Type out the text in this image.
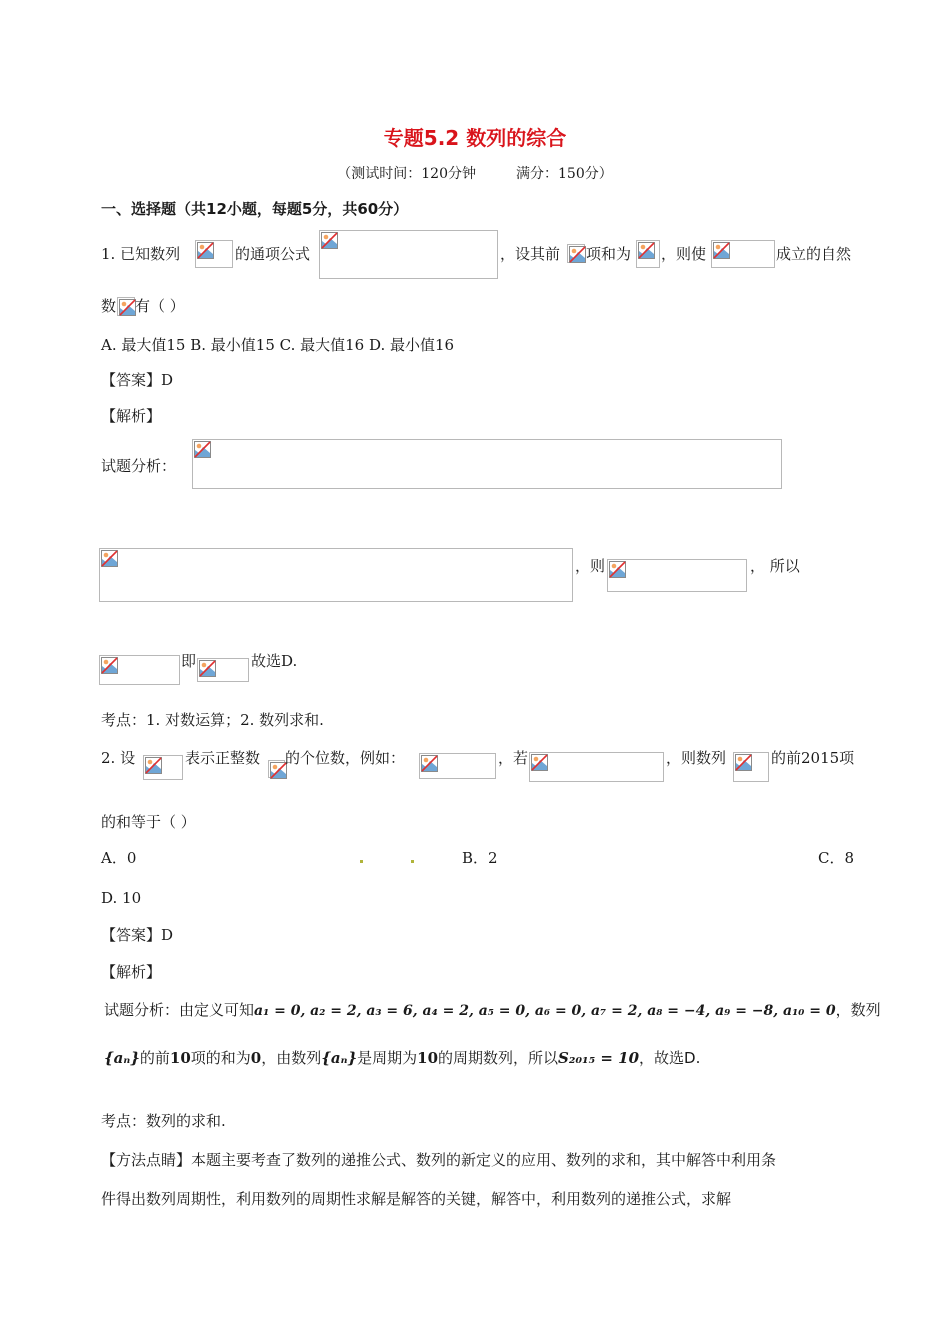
专题5.2 数列的综合
（测试时间：120分钟	满分：150分）
一、选择题（共12小题，每题5分，共60分）
1. 已知数列	的通项公式	，设其前 项和为 ，则使	成立的自然
数 有（ ）
A. 最大值15 B. 最小值15 C. 最大值16 D. 最小值16
【答案】D
【解析】
试题分析：
，则	， 所以
即	故选D.
考点：1. 对数运算；2. 数列求和.
2. 设	表示正整数 的个位数，例如：	，若	，则数列	的前2015项
的和等于（ ）
A．0	B．2	C．8
D. 10
【答案】D
【解析】
试题分析：由定义可知a₁ = 0, a₂ = 2, a₃ = 6, a₄ = 2, a₅ = 0, a₆ = 0, a₇ = 2, a₈ = −4, a₉ = −8, a₁₀ = 0，数列
{aₙ}的前10项的和为0，由数列{aₙ}是周期为10的周期数列，所以S₂₀₁₅ = 10，故选D.
考点：数列的求和.
【方法点睛】本题主要考查了数列的递推公式、数列的新定义的应用、数列的求和，其中解答中利用条
件得出数列周期性，利用数列的周期性求解是解答的关键，解答中，利用数列的递推公式，求解
